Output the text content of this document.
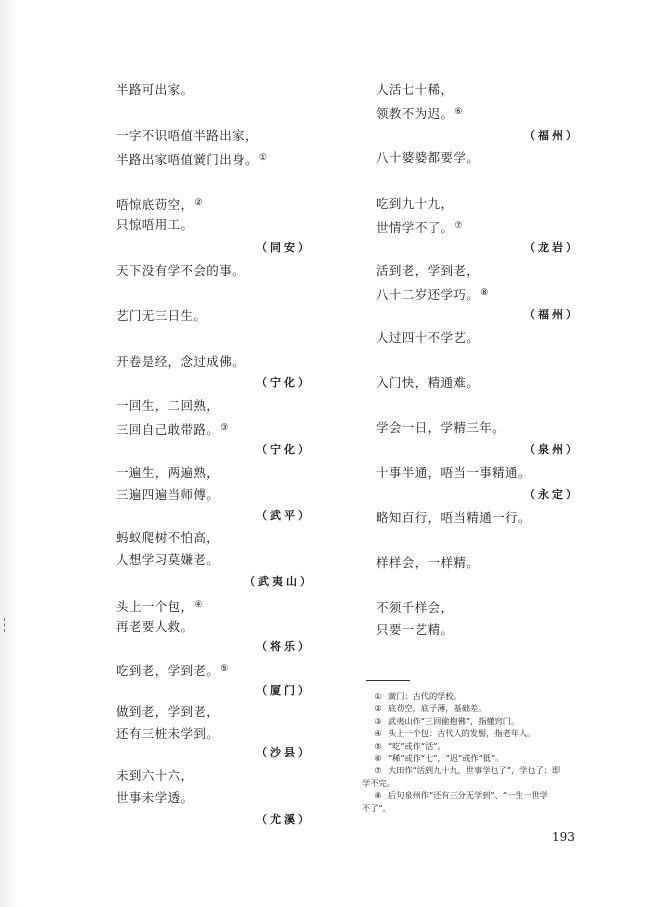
半路可出家。
一字不识唔值半路出家，
半路出家唔值黉门出身。①
唔惊底苆空，②
只惊唔用工。
（同安）
天下没有学不会的事。
艺门无三日生。
开卷是经，念过成佛。
（宁化）
一回生，二回熟，
三回自己敢带路。③
（宁化）
一遍生，两遍熟，
三遍四遍当师傅。
（武平）
蚂蚁爬树不怕高，
人想学习莫嫌老。
（武夷山）
头上一个包，④
再老要人救。
（将乐）
吃到老，学到老。⑤
（厦门）
做到老，学到老，
还有三桩未学到。
（沙县）
未到六十六，
世事未学透。
（尤溪）
人活七十稀，
领教不为迟。⑥
（福州）
八十婆婆都要学。
吃到九十九，
世情学不了。⑦
（龙岩）
活到老，学到老，
八十二岁还学巧。⑧
（福州）
人过四十不学艺。
入门快，精通难。
学会一日，学精三年。
（泉州）
十事半通，唔当一事精通。
（永定）
略知百行，唔当精通一行。
样样会，一样精。
不须千样会，
只要一艺精。
① 黉门：古代的学校。
② 底苆空，底子薄，基础差。
③ 武夷山作“三回偷抱佛”，指懂窍门。
④ 头上一个包：古代人的发髻，指老年人。
⑤ “吃”或作“活”。
⑥ “稀”或作“七”，“迟”或作“低”。
⑦ 大田作“活到九十九，世事学乜了”，学乜了：即
学不完。
⑧ 后句泉州作“还有三分无学到”、“一生一世学
不了”。
193
